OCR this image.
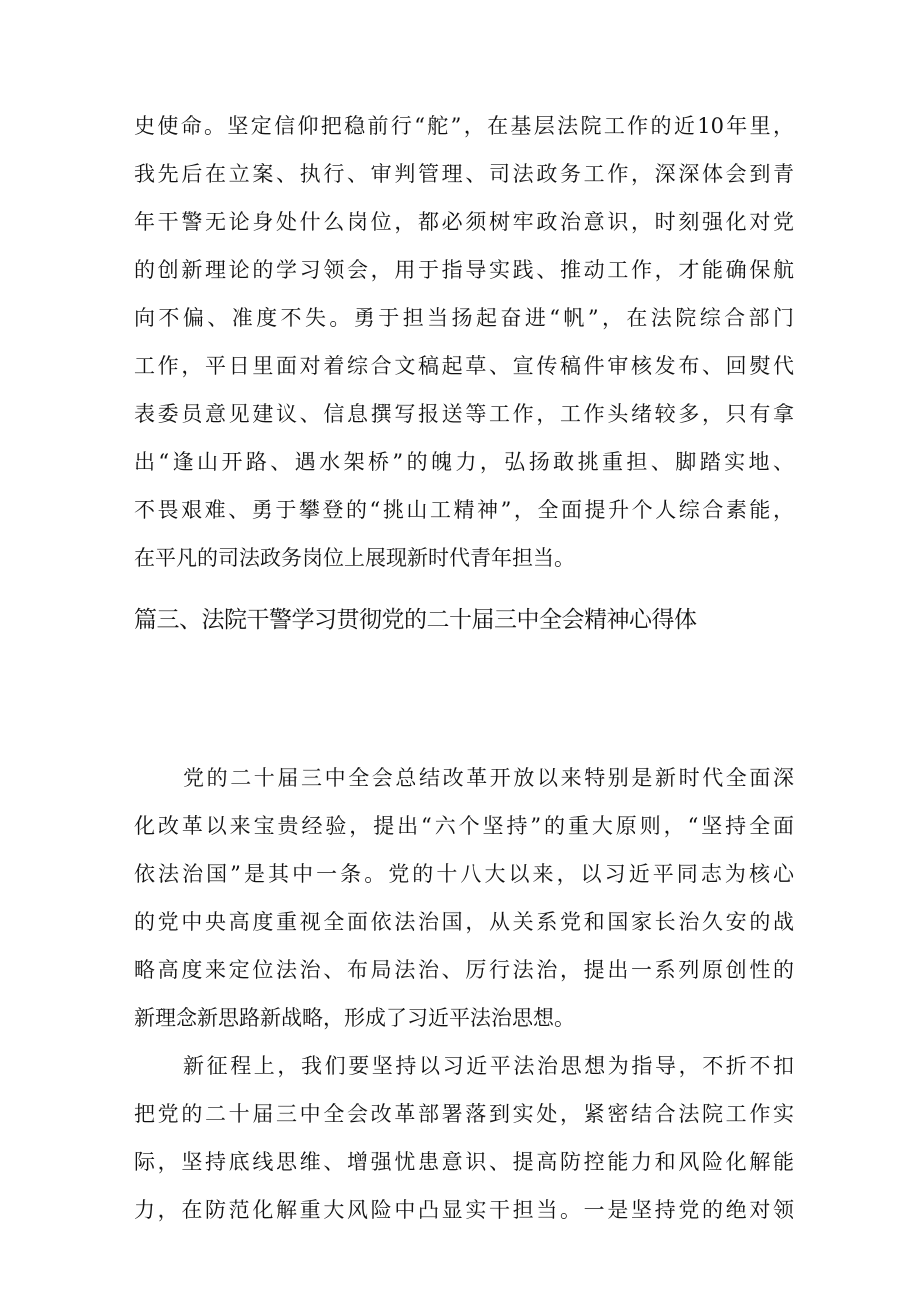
史使命。坚定信仰把稳前行“舵”，在基层法院工作的近10年里，
我先后在立案、执行、审判管理、司法政务工作，深深体会到青
年干警无论身处什么岗位，都必须树牢政治意识，时刻强化对党
的创新理论的学习领会，用于指导实践、推动工作，才能确保航
向不偏、准度不失。勇于担当扬起奋进“帆”，在法院综合部门
工作，平日里面对着综合文稿起草、宣传稿件审核发布、回熨代
表委员意见建议、信息撰写报送等工作，工作头绪较多，只有拿
出“逢山开路、遇水架桥”的魄力，弘扬敢挑重担、脚踏实地、
不畏艰难、勇于攀登的“挑山工精神”，全面提升个人综合素能，
在平凡的司法政务岗位上展现新时代青年担当。
篇三、法院干警学习贯彻党的二十届三中全会精神心得体
党的二十届三中全会总结改革开放以来特别是新时代全面深
化改革以来宝贵经验，提出“六个坚持”的重大原则，“坚持全面
依法治国”是其中一条。党的十八大以来，以习近平同志为核心
的党中央高度重视全面依法治国，从关系党和国家长治久安的战
略高度来定位法治、布局法治、厉行法治，提出一系列原创性的
新理念新思路新战略，形成了习近平法治思想。
新征程上，我们要坚持以习近平法治思想为指导，不折不扣
把党的二十届三中全会改革部署落到实处，紧密结合法院工作实
际，坚持底线思维、增强忧患意识、提高防控能力和风险化解能
力，在防范化解重大风险中凸显实干担当。一是坚持党的绝对领
